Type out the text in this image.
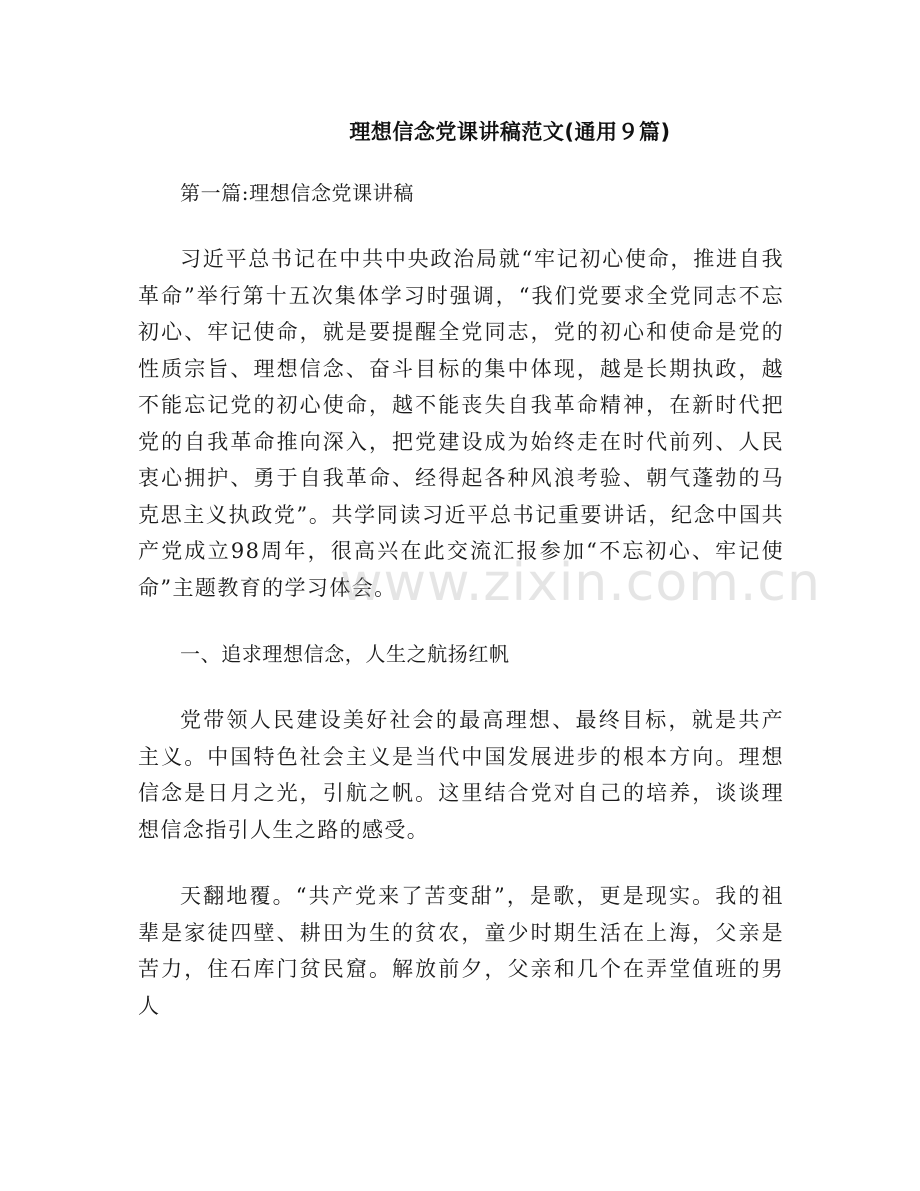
理想信念党课讲稿范文(通用９篇)

第一篇:理想信念党课讲稿

习近平总书记在中共中央政治局就“牢记初心使命，推进自我革命”举行第十五次集体学习时强调，“我们党要求全党同志不忘初心、牢记使命，就是要提醒全党同志，党的初心和使命是党的性质宗旨、理想信念、奋斗目标的集中体现，越是长期执政，越不能忘记党的初心使命，越不能丧失自我革命精神，在新时代把党的自我革命推向深入，把党建设成为始终走在时代前列、人民衷心拥护、勇于自我革命、经得起各种风浪考验、朝气蓬勃的马克思主义执政党”。共学同读习近平总书记重要讲话，纪念中国共产党成立98周年，很高兴在此交流汇报参加“不忘初心、牢记使命”主题教育的学习体会。

一、追求理想信念，人生之航扬红帆

党带领人民建设美好社会的最高理想、最终目标，就是共产主义。中国特色社会主义是当代中国发展进步的根本方向。理想信念是日月之光，引航之帆。这里结合党对自己的培养，谈谈理想信念指引人生之路的感受。

天翻地覆。“共产党来了苦变甜”，是歌，更是现实。我的祖辈是家徒四壁、耕田为生的贫农，童少时期生活在上海，父亲是苦力，住石库门贫民窟。解放前夕，父亲和几个在弄堂值班的男人

www.zixin.com.cn
